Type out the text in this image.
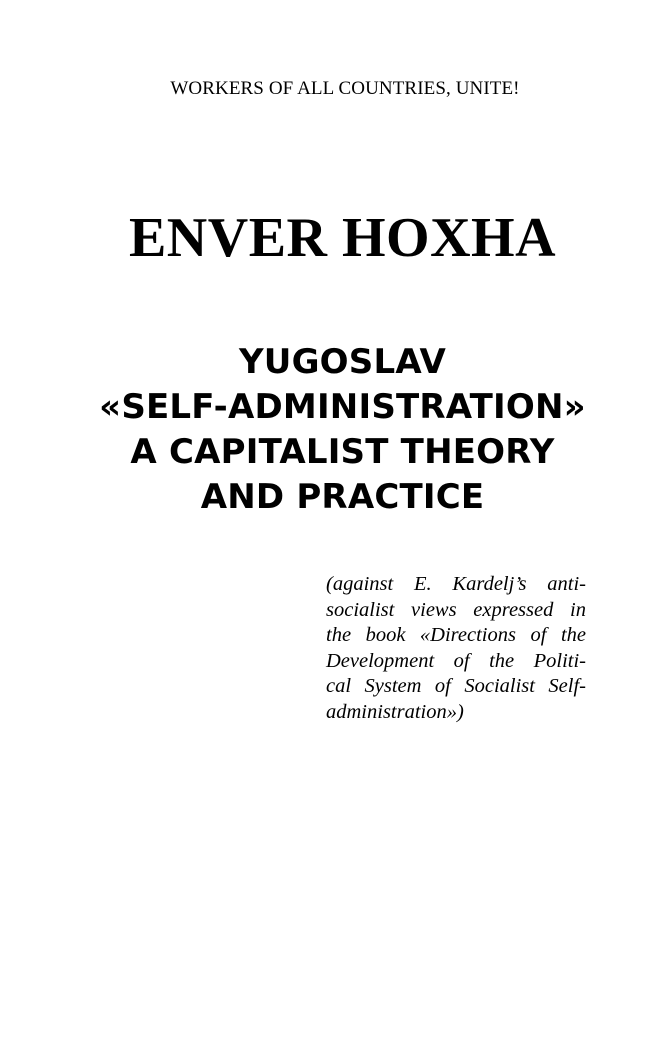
WORKERS OF ALL COUNTRIES, UNITE!
ENVER HOXHA
YUGOSLAV
«SELF-ADMINISTRATION»
A CAPITALIST THEORY
AND PRACTICE
(against E. Kardelj’s anti-
socialist views expressed in
the book «Directions of the
Development of the Politi-
cal System of Socialist Self-
administration»)
